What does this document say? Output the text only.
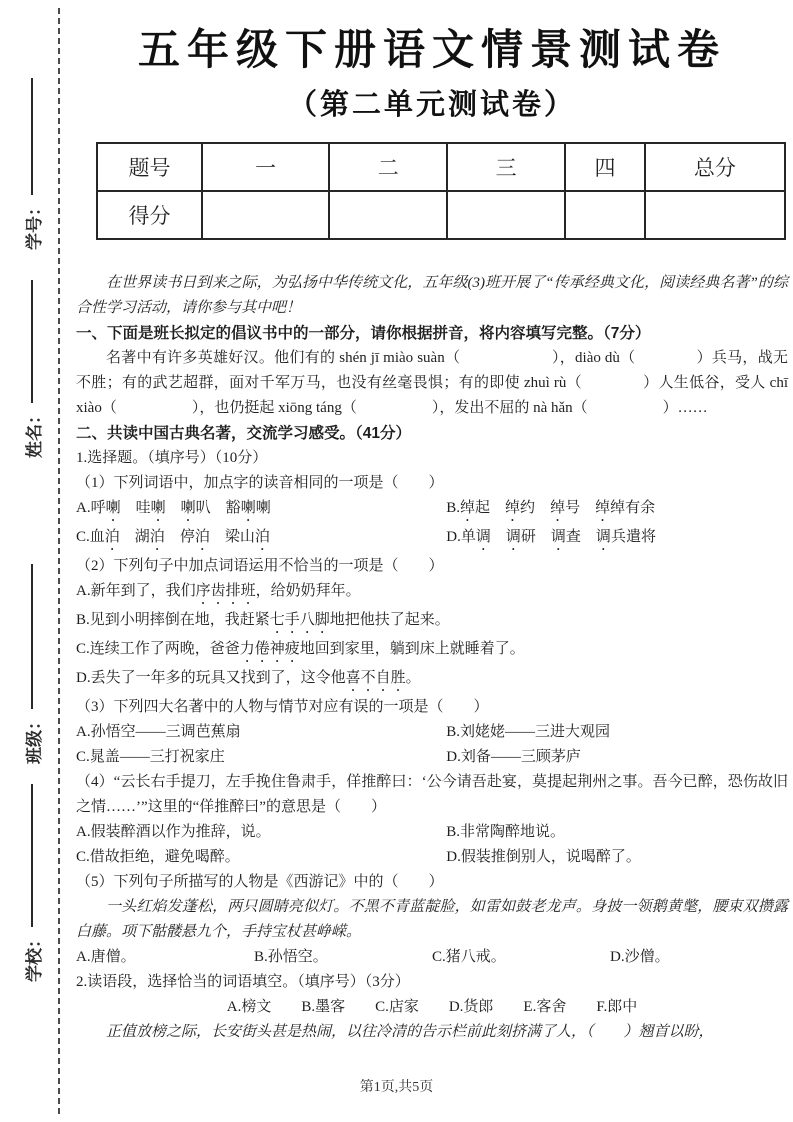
学号：
姓名：
班级：
学校：
五年级下册语文情景测试卷
（第二单元测试卷）
题号	一	二	三	四	总分
得分					
在世界读书日到来之际，为弘扬中华传统文化，五年级(3)班开展了“传承经典文化，阅读经典名著”的综合性学习活动，请你参与其中吧！
一、下面是班长拟定的倡议书中的一部分，请你根据拼音，将内容填写完整。（7分）
名著中有许多英雄好汉。他们有的 shén jī miào suàn（　　　　　　），diào dù（　　　　）兵马，战无不胜；有的武艺超群，面对千军万马，也没有丝毫畏惧；有的即使 zhuì rù（　　　　）人生低谷，受人 chī xiào（　　　　　），也仍挺起 xiōng táng（　　　　　），发出不屈的 nà hǎn（　　　　　）……
二、共读中国古典名著，交流学习感受。（41分）
1.选择题。（填序号）（10分）
（1）下列词语中，加点字的读音相同的一项是（　　）
A.呼喇　哇喇　 喇叭　豁喇喇	B.绰起　绰约　绰号　绰绰有余
C.血泊　湖泊　停泊　梁山泊	D.单调　 调研　调查　调兵遣将
（2）下列句子中加点词语运用不恰当的一项是（　　）
A.新年到了，我们序齿排班，给奶奶拜年。
B.见到小明摔倒在地，我赶紧七手八脚地把他扶了起来。
C.连续工作了两晚，爸爸力倦神疲地回到家里，躺到床上就睡着了。
D.丢失了一年多的玩具又找到了，这令他喜不自胜。
（3）下列四大名著中的人物与情节对应有误的一项是（　　）
A.孙悟空——三调芭蕉扇	B.刘姥姥——三进大观园
C.晁盖——三打祝家庄	D.刘备——三顾茅庐
（4）“云长右手提刀，左手挽住鲁肃手，佯推醉曰：‘公今请吾赴宴，莫提起荆州之事。吾今已醉，恐伤故旧之情……’”这里的“佯推醉曰”的意思是（　　）
A.假装醉酒以作为推辞，说。	B.非常陶醉地说。
C.借故拒绝，避免喝醉。	D.假装推倒别人，说喝醉了。
（5）下列句子所描写的人物是《西游记》中的（　　）
一头红焰发蓬松，两只圆睛亮似灯。不黑不青蓝靛脸，如雷如鼓老龙声。身披一领鹅黄氅，腰束双攒露白藤。项下骷髅悬九个，手持宝杖甚峥嵘。
A.唐僧。	B.孙悟空。	C.猪八戒。	D.沙僧。
2.读语段，选择恰当的词语填空。（填序号）（3分）
A.榜文　　B.墨客　　C.店家　　D.货郎　　E.客舍　　F.郎中
正值放榜之际，长安街头甚是热闹，以往冷清的告示栏前此刻挤满了人，（　　）翘首以盼，
第1页,共5页
